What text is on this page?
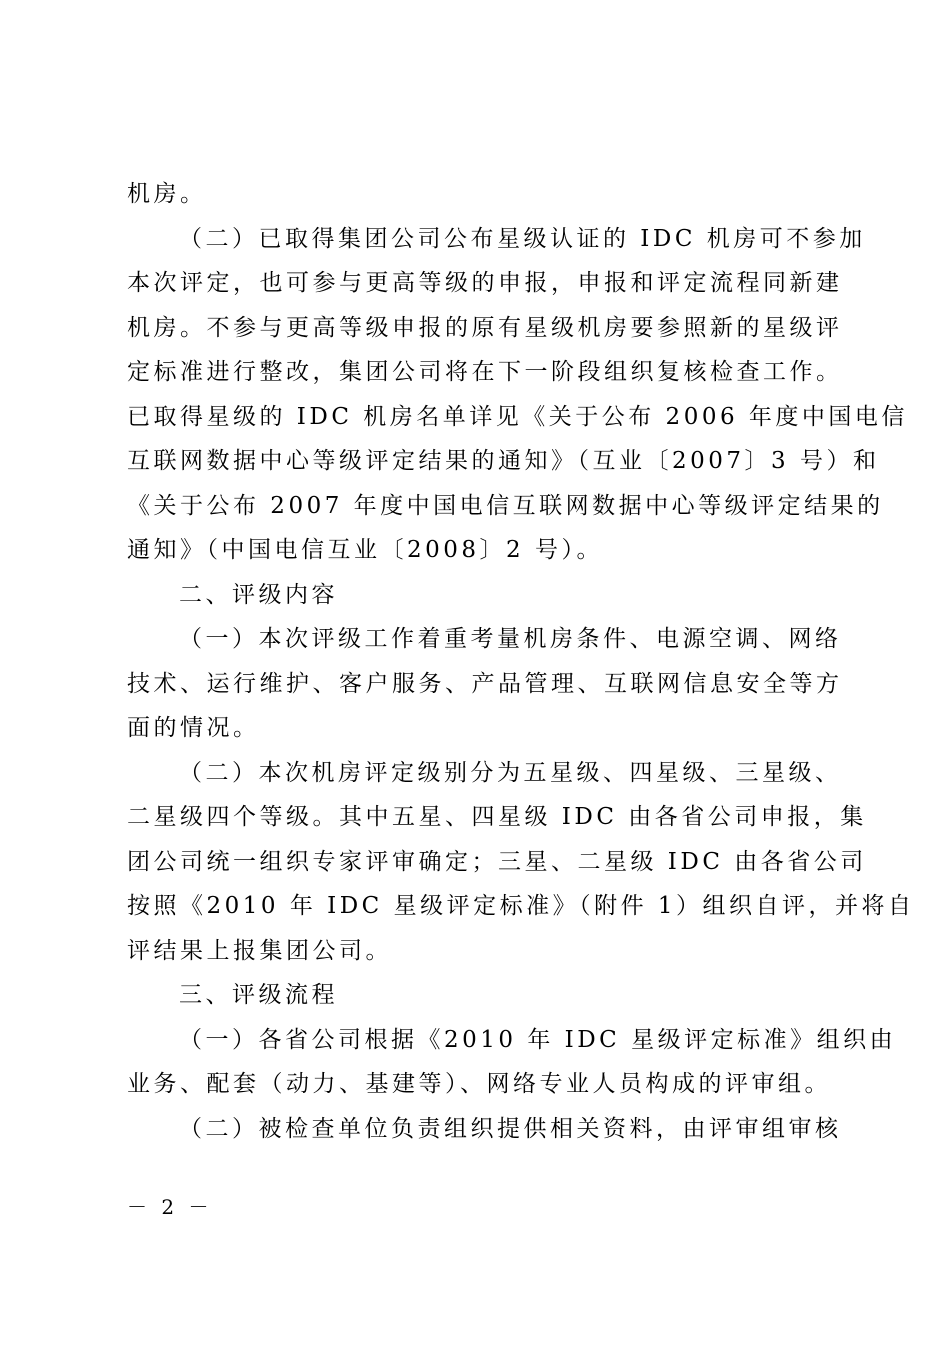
机房。
（二）已取得集团公司公布星级认证的 IDC 机房可不参加
本次评定，也可参与更高等级的申报，申报和评定流程同新建
机房。不参与更高等级申报的原有星级机房要参照新的星级评
定标准进行整改，集团公司将在下一阶段组织复核检查工作。
已取得星级的 IDC 机房名单详见《关于公布 2006 年度中国电信
互联网数据中心等级评定结果的通知》（互业〔2007〕3 号）和
《关于公布 2007 年度中国电信互联网数据中心等级评定结果的
通知》（中国电信互业〔2008〕2 号）。
二、评级内容
（一）本次评级工作着重考量机房条件、电源空调、网络
技术、运行维护、客户服务、产品管理、互联网信息安全等方
面的情况。
（二）本次机房评定级别分为五星级、四星级、三星级、
二星级四个等级。其中五星、四星级 IDC 由各省公司申报，集
团公司统一组织专家评审确定；三星、二星级 IDC 由各省公司
按照《2010 年 IDC 星级评定标准》（附件 1）组织自评，并将自
评结果上报集团公司。
三、评级流程
（一）各省公司根据《2010 年 IDC 星级评定标准》组织由
业务、配套（动力、基建等）、网络专业人员构成的评审组。
（二）被检查单位负责组织提供相关资料，由评审组审核
－ 2 －
